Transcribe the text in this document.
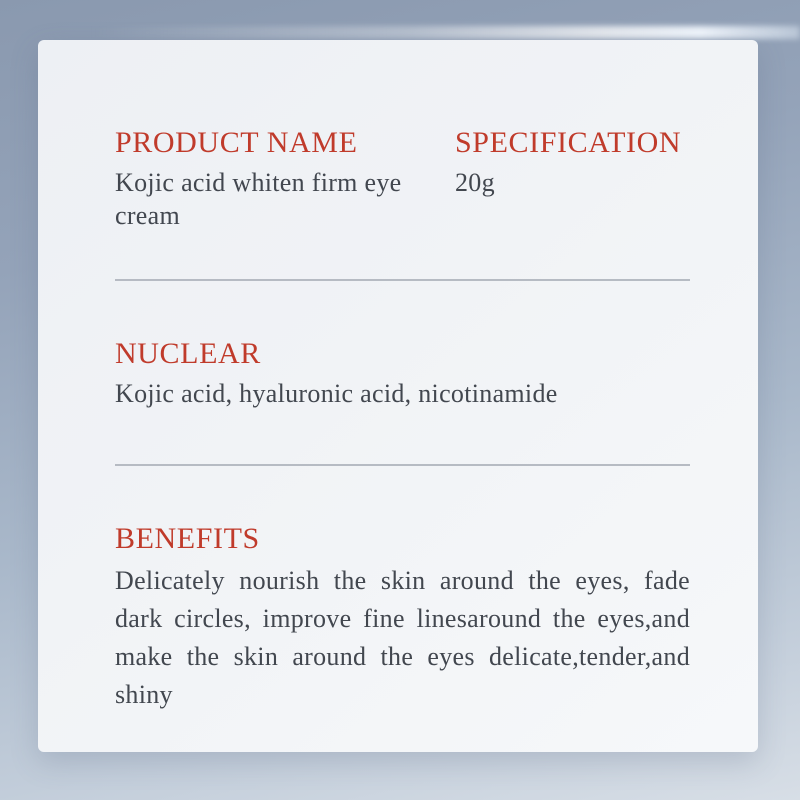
PRODUCT NAME

Kojic acid whiten firm eye cream

SPECIFICATION

20g

NUCLEAR

Kojic acid, hyaluronic acid, nicotinamide

BENEFITS

Delicately nourish the skin around the eyes, fade dark circles, improve fine linesaround the eyes,and make the skin around the eyes delicate,tender,and shiny
